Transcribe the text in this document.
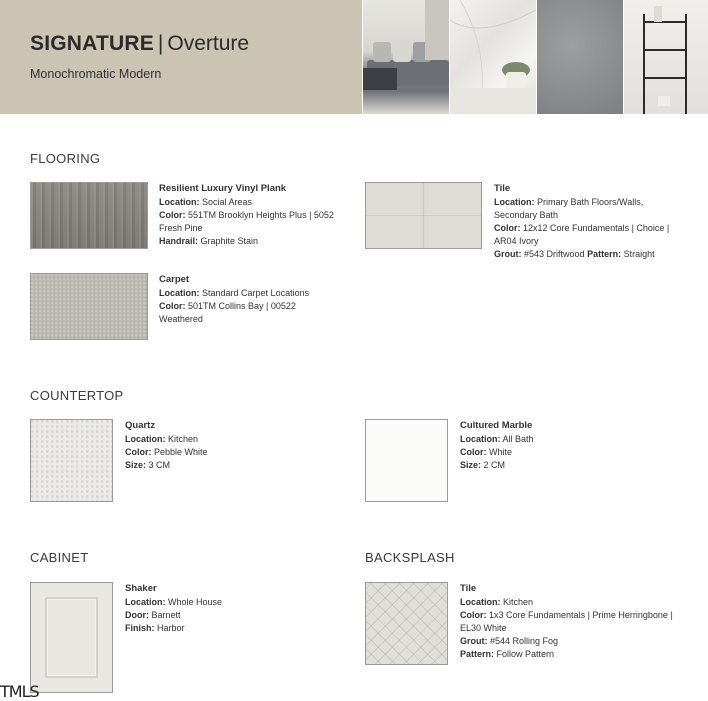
SIGNATURE | Overture
Monochromatic Modern
FLOORING
Resilient Luxury Vinyl Plank
Location: Social Areas
Color: 551TM Brooklyn Heights Plus | 5052
Fresh Pine
Handrail: Graphite Stain
Carpet
Location: Standard Carpet Locations
Color: 501TM Collins Bay | 00522
Weathered
Tile
Location: Primary Bath Floors/Walls,
Secondary Bath
Color: 12x12 Core Fundamentals | Choice |
AR04 Ivory
Grout: #543 Driftwood Pattern: Straight
COUNTERTOP
Quartz
Location: Kitchen
Color: Pebble White
Size: 3 CM
Cultured Marble
Location: All Bath
Color: White
Size: 2 CM
CABINET
Shaker
Location: Whole House
Door: Barnett
Finish: Harbor
BACKSPLASH
Tile
Location: Kitchen
Color: 1x3 Core Fundamentals | Prime Herringbone |
EL30 White
Grout: #544 Rolling Fog
Pattern: Follow Pattern
TMLS
